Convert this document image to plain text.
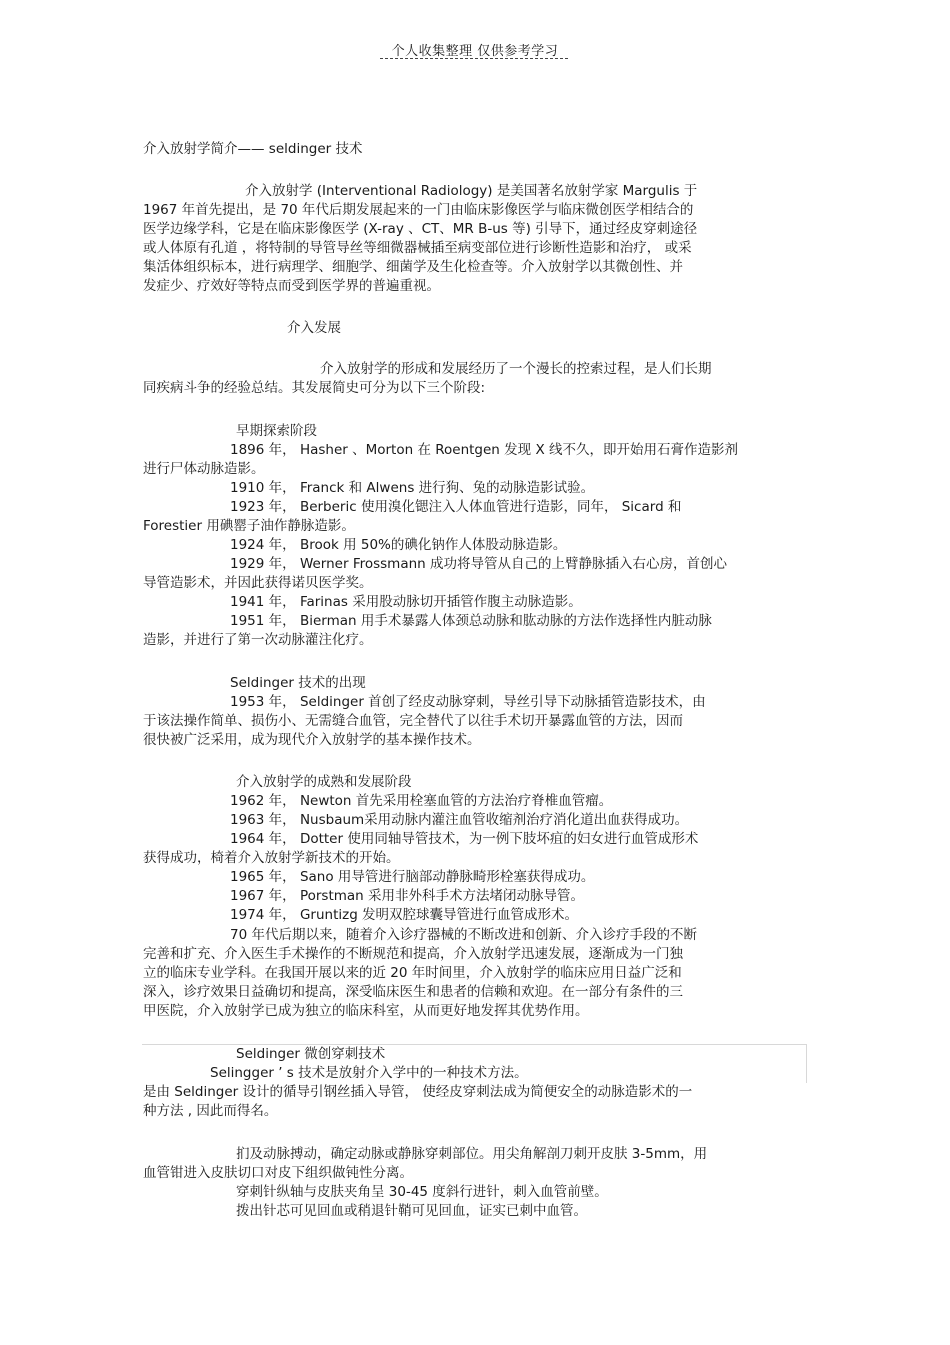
个人收集整理 仅供参考学习
介入放射学简介—— seldinger 技术
介入放射学 (Interventional Radiology) 是美国著名放射学家 Margulis 于
1967 年首先提出，是 70 年代后期发展起来的一门由临床影像医学与临床微创医学相结合的
医学边缘学科，它是在临床影像医学 (X-ray 、CT、MR B-us 等) 引导下，通过经皮穿刺途径
或人体原有孔道 ，将特制的导管导丝等细微器械插至病变部位进行诊断性造影和治疗， 或采
集活体组织标本，进行病理学、细胞学、细菌学及生化检查等。介入放射学以其微创性、并
发症少、疗效好等特点而受到医学界的普遍重视。
介入发展
介入放射学的形成和发展经历了一个漫长的控索过程，是人们长期
同疾病斗争的经验总结。其发展简史可分为以下三个阶段:
早期探索阶段
1896 年， Hasher 、Morton 在 Roentgen 发现 X 线不久，即开始用石膏作造影剂
进行尸体动脉造影。
1910 年， Franck 和 Alwens 进行狗、兔的动脉造影试验。
1923 年， Berberic 使用溴化锶注入人体血管进行造影，同年， Sicard 和
Forestier 用碘罂子油作静脉造影。
1924 年， Brook 用 50%的碘化钠作人体股动脉造影。
1929 年， Werner Frossmann 成功将导管从自己的上臂静脉插入右心房，首创心
导管造影术，并因此获得诺贝医学奖。
1941 年， Farinas 采用股动脉切开插管作腹主动脉造影。
1951 年， Bierman 用手术暴露人体颈总动脉和肱动脉的方法作选择性内脏动脉
造影，并进行了第一次动脉灌注化疗。
Seldinger 技术的出现
1953 年， Seldinger 首创了经皮动脉穿刺，导丝引导下动脉插管造影技术，由
于该法操作简单、损伤小、无需缝合血管，完全替代了以往手术切开暴露血管的方法，因而
很快被广泛采用，成为现代介入放射学的基本操作技术。
介入放射学的成熟和发展阶段
1962 年， Newton 首先采用栓塞血管的方法治疗脊椎血管瘤。
1963 年， Nusbaum采用动脉内灌注血管收缩剂治疗消化道出血获得成功。
1964 年， Dotter 使用同轴导管技术，为一例下肢坏疽的妇女进行血管成形术
获得成功，椅着介入放射学新技术的开始。
1965 年， Sano 用导管进行脑部动静脉畸形栓塞获得成功。
1967 年， Porstman 采用非外科手术方法堵闭动脉导管。
1974 年， Gruntizg 发明双腔球囊导管进行血管成形术。
70 年代后期以来，随着介入诊疗器械的不断改进和创新、介入诊疗手段的不断
完善和扩充、介入医生手术操作的不断规范和提高，介入放射学迅速发展，逐渐成为一门独
立的临床专业学科。在我国开展以来的近 20 年时间里，介入放射学的临床应用日益广泛和
深入，诊疗效果日益确切和提高，深受临床医生和患者的信赖和欢迎。在一部分有条件的三
甲医院，介入放射学已成为独立的临床科室，从而更好地发挥其优势作用。
Seldinger 微创穿刺技术
Selingger ’ s 技术是放射介入学中的一种技术方法。
是由 Seldinger 设计的循导引钢丝插入导管， 使经皮穿刺法成为简便安全的动脉造影术的一
种方法 , 因此而得名。
扪及动脉搏动，确定动脉或静脉穿刺部位。用尖角解剖刀刺开皮肤 3-5mm，用
血管钳进入皮肤切口对皮下组织做钝性分离。
穿刺针纵轴与皮肤夹角呈 30-45 度斜行进针，刺入血管前壁。
拨出针芯可见回血或稍退针鞘可见回血，证实已刺中血管。
